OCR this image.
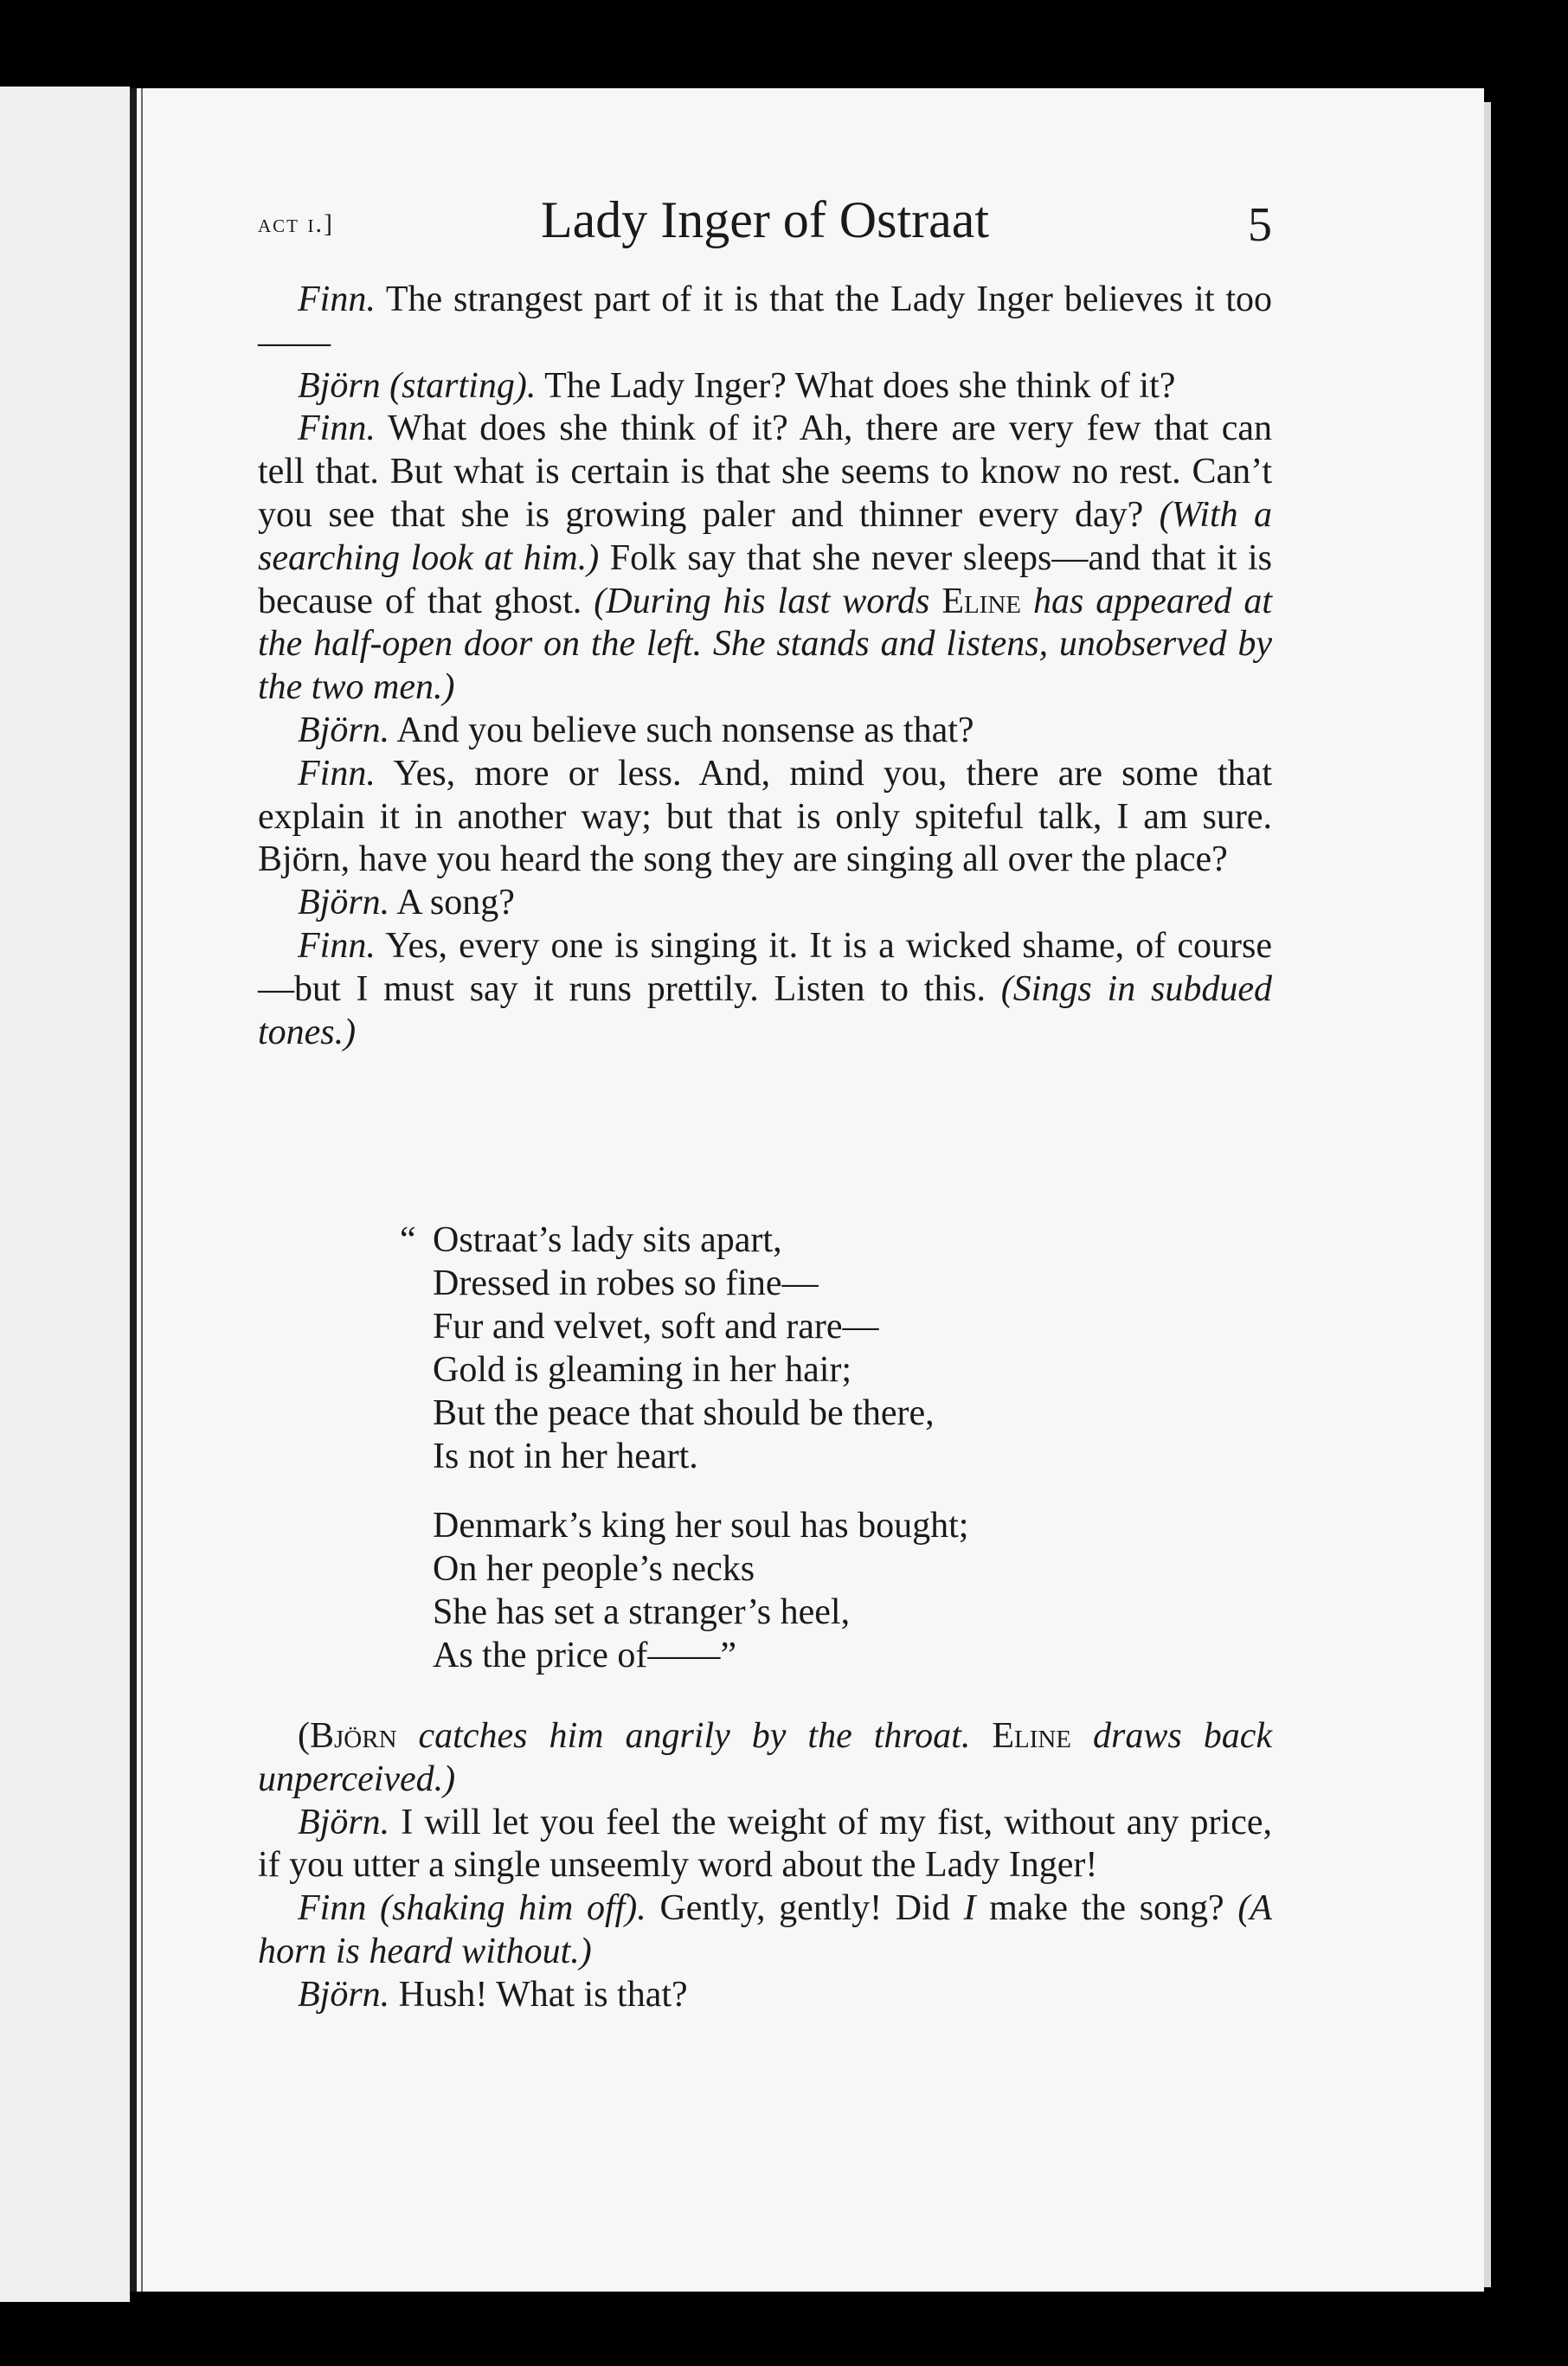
act i.]	Lady Inger of Ostraat	5

Finn. The strangest part of it is that the Lady Inger believes it too——

Björn (starting). The Lady Inger? What does she think of it?

Finn. What does she think of it? Ah, there are very few that can tell that. But what is certain is that she seems to know no rest. Can’t you see that she is growing paler and thinner every day? (With a searching look at him.) Folk say that she never sleeps—and that it is because of that ghost. (During his last words Eline has appeared at the half-open door on the left. She stands and listens, unobserved by the two men.)

Björn. And you believe such nonsense as that?

Finn. Yes, more or less. And, mind you, there are some that explain it in another way; but that is only spiteful talk, I am sure. Björn, have you heard the song they are singing all over the place?

Björn. A song?

Finn. Yes, every one is singing it. It is a wicked shame, of course—but I must say it runs prettily. Listen to this. (Sings in subdued tones.)

“ Ostraat’s lady sits apart,
Dressed in robes so fine—
Fur and velvet, soft and rare—
Gold is gleaming in her hair;
But the peace that should be there,
Is not in her heart.
Denmark’s king her soul has bought;
On her people’s necks
She has set a stranger’s heel,
As the price of——”

(Björn catches him angrily by the throat. Eline draws back unperceived.)

Björn. I will let you feel the weight of my fist, without any price, if you utter a single unseemly word about the Lady Inger!

Finn (shaking him off). Gently, gently! Did I make the song? (A horn is heard without.)

Björn. Hush! What is that?
